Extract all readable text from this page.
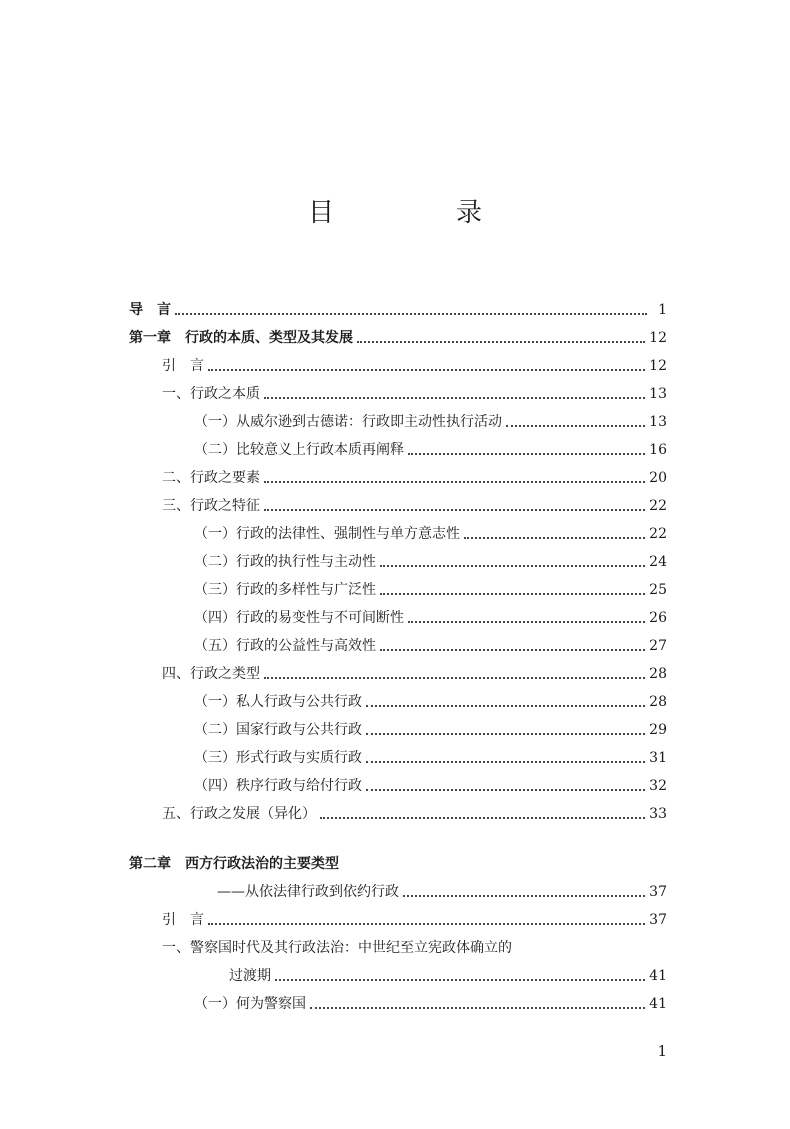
目　录
导　言	1
第一章　行政的本质、类型及其发展	12
引　言	12
一、行政之本质	13
（一）从威尔逊到古德诺：行政即主动性执行活动	13
（二）比较意义上行政本质再阐释	16
二、行政之要素	20
三、行政之特征	22
（一）行政的法律性、强制性与单方意志性	22
（二）行政的执行性与主动性	24
（三）行政的多样性与广泛性	25
（四）行政的易变性与不可间断性	26
（五）行政的公益性与高效性	27
四、行政之类型	28
（一）私人行政与公共行政	28
（二）国家行政与公共行政	29
（三）形式行政与实质行政	31
（四）秩序行政与给付行政	32
五、行政之发展（异化）	33
第二章　西方行政法治的主要类型
——从依法律行政到依约行政	37
引　言	37
一、警察国时代及其行政法治：中世纪至立宪政体确立的
过渡期	41
（一）何为警察国	41
1
